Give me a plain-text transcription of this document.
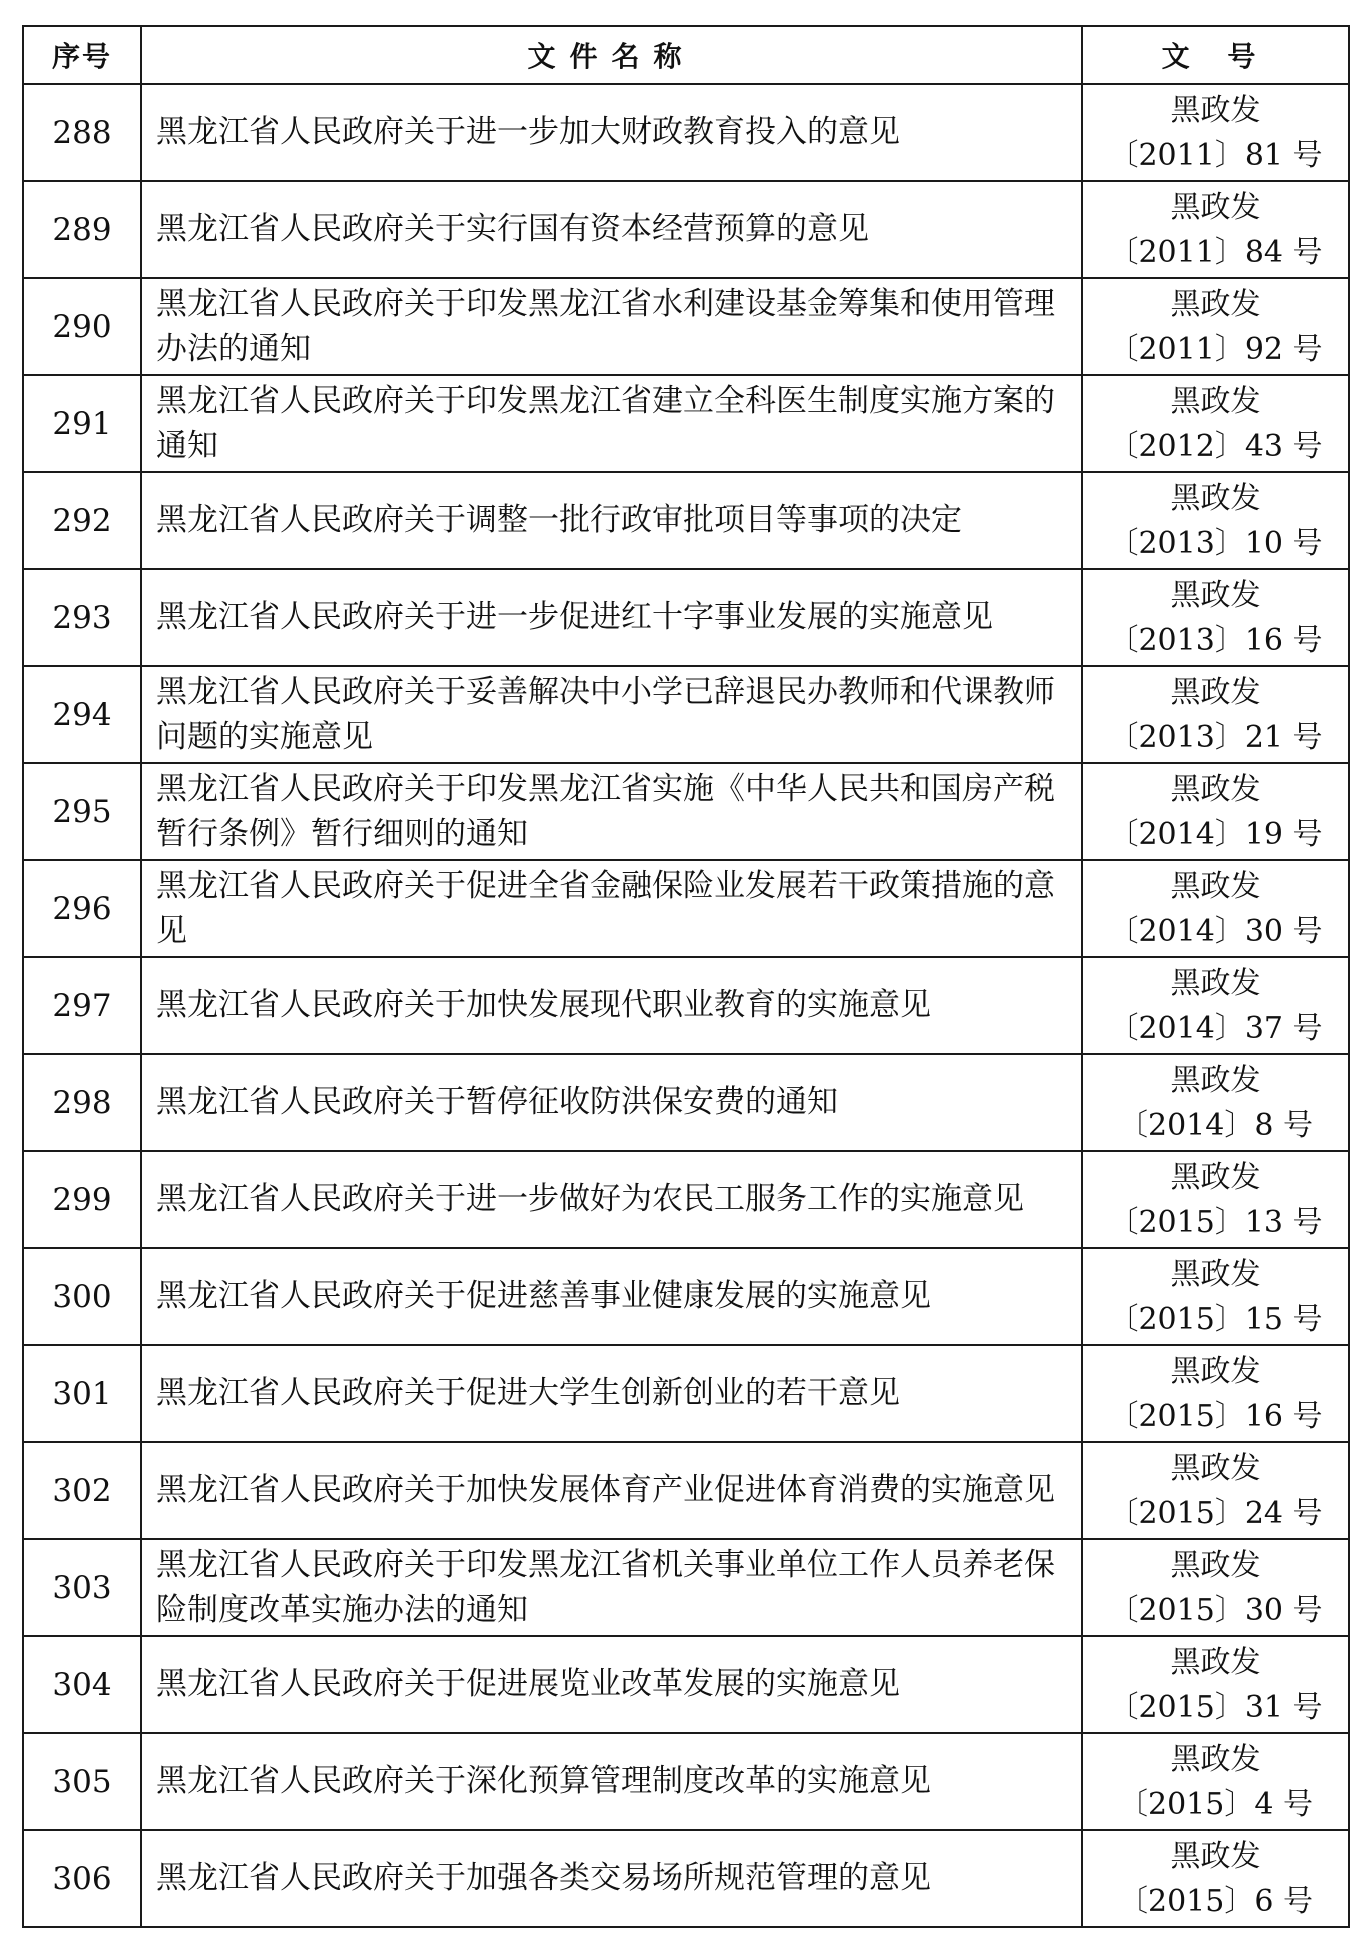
序号	文件名称	文 号
288	黑龙江省人民政府关于进一步加大财政教育投入的意见	黑政发
〔2011〕81 号

289	黑龙江省人民政府关于实行国有资本经营预算的意见	黑政发
〔2011〕84 号

290	黑龙江省人民政府关于印发黑龙江省水利建设基金筹集和使用管理办法的通知	黑政发
〔2011〕92 号

291	黑龙江省人民政府关于印发黑龙江省建立全科医生制度实施方案的通知	黑政发
〔2012〕43 号

292	黑龙江省人民政府关于调整一批行政审批项目等事项的决定	黑政发
〔2013〕10 号

293	黑龙江省人民政府关于进一步促进红十字事业发展的实施意见	黑政发
〔2013〕16 号

294	黑龙江省人民政府关于妥善解决中小学已辞退民办教师和代课教师问题的实施意见	黑政发
〔2013〕21 号

295	黑龙江省人民政府关于印发黑龙江省实施《中华人民共和国房产税暂行条例》暂行细则的通知	黑政发
〔2014〕19 号

296	黑龙江省人民政府关于促进全省金融保险业发展若干政策措施的意见	黑政发
〔2014〕30 号

297	黑龙江省人民政府关于加快发展现代职业教育的实施意见	黑政发
〔2014〕37 号

298	黑龙江省人民政府关于暂停征收防洪保安费的通知	黑政发
〔2014〕8 号

299	黑龙江省人民政府关于进一步做好为农民工服务工作的实施意见	黑政发
〔2015〕13 号

300	黑龙江省人民政府关于促进慈善事业健康发展的实施意见	黑政发
〔2015〕15 号

301	黑龙江省人民政府关于促进大学生创新创业的若干意见	黑政发
〔2015〕16 号

302	黑龙江省人民政府关于加快发展体育产业促进体育消费的实施意见	黑政发
〔2015〕24 号

303	黑龙江省人民政府关于印发黑龙江省机关事业单位工作人员养老保险制度改革实施办法的通知	黑政发
〔2015〕30 号

304	黑龙江省人民政府关于促进展览业改革发展的实施意见	黑政发
〔2015〕31 号

305	黑龙江省人民政府关于深化预算管理制度改革的实施意见	黑政发
〔2015〕4 号

306	黑龙江省人民政府关于加强各类交易场所规范管理的意见	黑政发
〔2015〕6 号
